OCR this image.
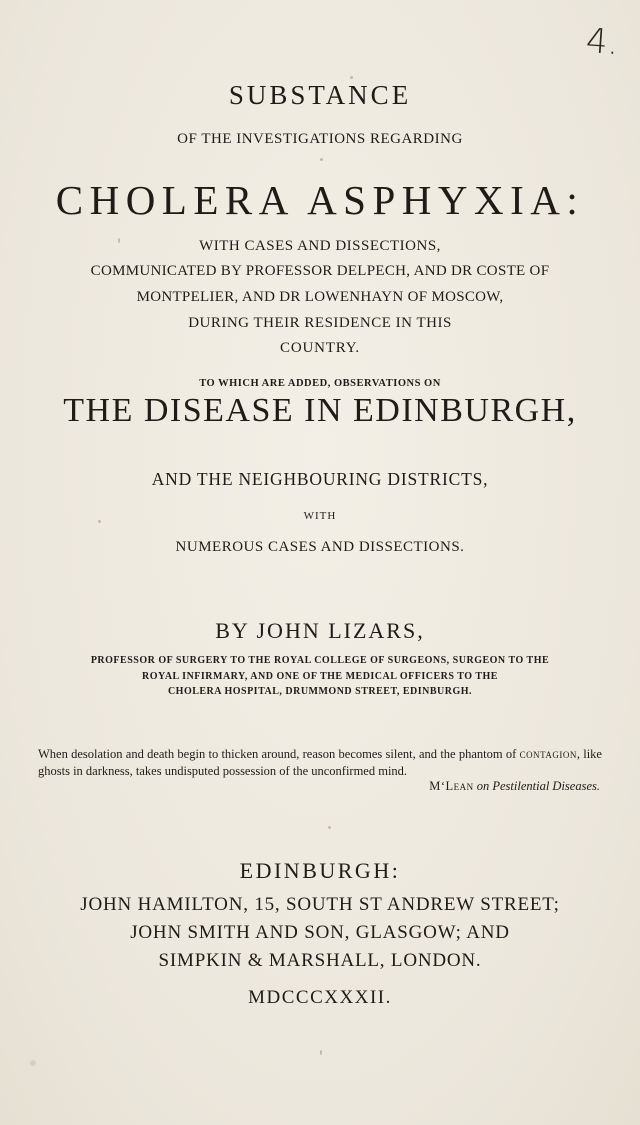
4.
SUBSTANCE
OF THE INVESTIGATIONS REGARDING
CHOLERA ASPHYXIA:
WITH CASES AND DISSECTIONS,
COMMUNICATED BY PROFESSOR DELPECH, AND DR COSTE OF
MONTPELIER, AND DR LOWENHAYN OF MOSCOW,
DURING THEIR RESIDENCE IN THIS
COUNTRY.
TO WHICH ARE ADDED, OBSERVATIONS ON
THE DISEASE IN EDINBURGH,
AND THE NEIGHBOURING DISTRICTS,
WITH
NUMEROUS CASES AND DISSECTIONS.
BY JOHN LIZARS,
PROFESSOR OF SURGERY TO THE ROYAL COLLEGE OF SURGEONS, SURGEON TO THE
ROYAL INFIRMARY, AND ONE OF THE MEDICAL OFFICERS TO THE
CHOLERA HOSPITAL, DRUMMOND STREET, EDINBURGH.
When desolation and death begin to thicken around, reason becomes silent, and the phantom of contagion, like ghosts in darkness, takes undisputed possession of the unconfirmed mind.
M‘Lean on Pestilential Diseases.
EDINBURGH:
JOHN HAMILTON, 15, SOUTH ST ANDREW STREET;
JOHN SMITH AND SON, GLASGOW; AND
SIMPKIN & MARSHALL, LONDON.
MDCCCXXXII.
